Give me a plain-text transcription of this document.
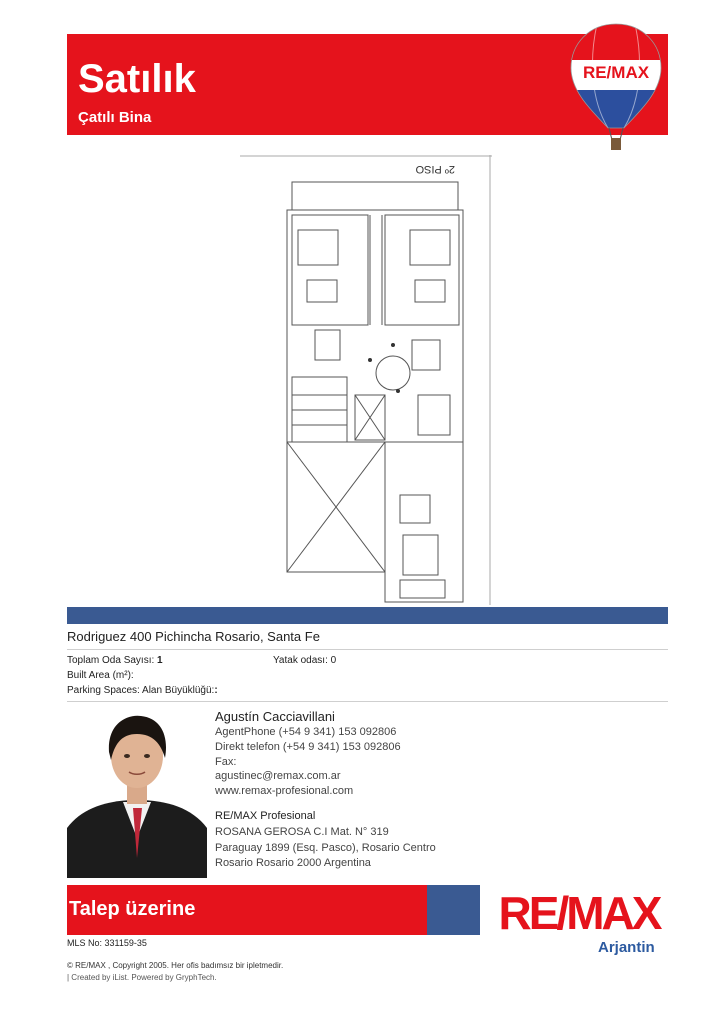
Satılık
Çatılı Bina
RE/MAX
2º PISO
Rodriguez 400 Pichincha Rosario, Santa Fe
Toplam Oda Sayısı: 1	Yatak odası: 0
Built Area (m²):
Parking Spaces: Alan Büyüklüğü::
Agustín Cacciavillani
AgentPhone (+54 9 341) 153 092806
Direkt telefon (+54 9 341) 153 092806
Fax:
agustinec@remax.com.ar
www.remax-profesional.com
RE/MAX Profesional
ROSANA GEROSA C.I Mat. N° 319
Paraguay 1899 (Esq. Pasco), Rosario Centro
Rosario Rosario 2000 Argentina
Talep üzerine	RE/MAX
Arjantin
MLS No: 331159-35
© RE/MAX , Copyright 2005. Her ofis badımsız bir ipletmedir.
| Created by iList. Powered by GryphTech.
